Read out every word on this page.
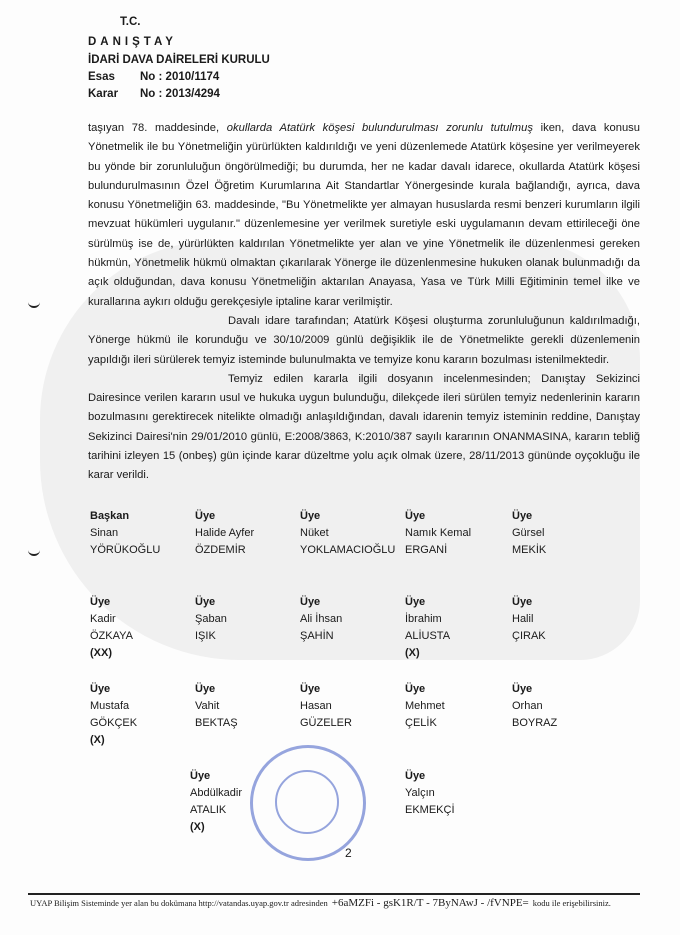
T.C.
DANIŞTAY
İDARİ DAVA DAİRELERİ KURULU
Esas No : 2010/1174
Karar No : 2013/4294

taşıyan 78. maddesinde, okullarda Atatürk köşesi bulundurulması zorunlu tutulmuş iken, dava konusu Yönetmelik ile bu Yönetmeliğin yürürlükten kaldırıldığı ve yeni düzenlemede Atatürk köşesine yer verilmeyerek bu yönde bir zorunluluğun öngörülmediği; bu durumda, her ne kadar davalı idarece, okullarda Atatürk köşesi bulundurulmasının Özel Öğretim Kurumlarına Ait Standartlar Yönergesinde kurala bağlandığı, ayrıca, dava konusu Yönetmeliğin 63. maddesinde, "Bu Yönetmelikte yer almayan hususlarda resmi benzeri kurumların ilgili mevzuat hükümleri uygulanır." düzenlemesine yer verilmek suretiyle eski uygulamanın devam ettirileceği öne sürülmüş ise de, yürürlükten kaldırılan Yönetmelikte yer alan ve yine Yönetmelik ile düzenlenmesi gereken hükmün, Yönetmelik hükmü olmaktan çıkarılarak Yönerge ile düzenlenmesine hukuken olanak bulunmadığı da açık olduğundan, dava konusu Yönetmeliğin aktarılan Anayasa, Yasa ve Türk Milli Eğitiminin temel ilke ve kurallarına aykırı olduğu gerekçesiyle iptaline karar verilmiştir.

Davalı idare tarafından; Atatürk Köşesi oluşturma zorunluluğunun kaldırılmadığı, Yönerge hükmü ile korunduğu ve 30/10/2009 günlü değişiklik ile de Yönetmelikte gerekli düzenlemenin yapıldığı ileri sürülerek temyiz isteminde bulunulmakta ve temyize konu kararın bozulması istenilmektedir.

Temyiz edilen kararla ilgili dosyanın incelenmesinden; Danıştay Sekizinci Dairesince verilen kararın usul ve hukuka uygun bulunduğu, dilekçede ileri sürülen temyiz nedenlerinin kararın bozulmasını gerektirecek nitelikte olmadığı anlaşıldığından, davalı idarenin temyiz isteminin reddine, Danıştay Sekizinci Dairesi'nin 29/01/2010 günlü, E:2008/3863, K:2010/387 sayılı kararının ONANMASINA, kararın tebliğ tarihini izleyen 15 (onbeş) gün içinde karar düzeltme yolu açık olmak üzere, 28/11/2013 gününde oyçokluğu ile karar verildi.

Başkan
Sinan
YÖRÜKOĞLU
Üye
Halide Ayfer
ÖZDEMİR
Üye
Nüket
YOKLAMACIOĞLU
Üye
Namık Kemal
ERGANİ
Üye
Gürsel
MEKİK
Üye
Kadir
ÖZKAYA
(XX)
Üye
Şaban
IŞIK
Üye
Ali İhsan
ŞAHİN
Üye
İbrahim
ALİUSTA
(X)
Üye
Halil
ÇIRAK
Üye
Mustafa
GÖKÇEK
(X)
Üye
Vahit
BEKTAŞ
Üye
Hasan
GÜZELER
Üye
Mehmet
ÇELİK
Üye
Orhan
BOYRAZ
Üye
Abdülkadir
ATALIK
(X)
Üye
Yalçın
EKMEKÇİ
2
UYAP Bilişim Sisteminde yer alan bu dokümana http://vatandas.uyap.gov.tr adresinden +6aMZFi - gsK1R/T - 7ByNAwJ - /fVNPE= kodu ile erişebilirsiniz.
